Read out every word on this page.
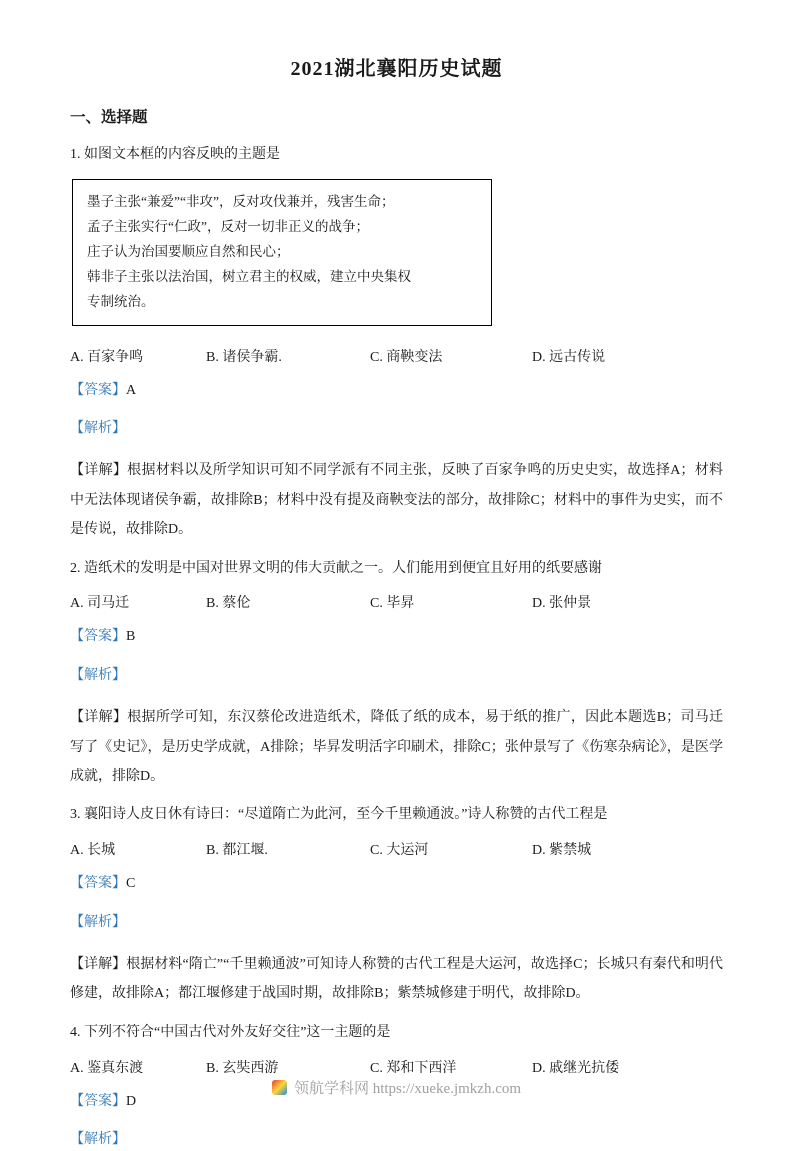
2021湖北襄阳历史试题
一、选择题

1. 如图文本框的内容反映的主题是

墨子主张“兼爱”“非攻”，反对攻伐兼并，残害生命；
孟子主张实行“仁政”，反对一切非正义的战争；
庄子认为治国要顺应自然和民心；
韩非子主张以法治国，树立君主的权威，建立中央集权
专制统治。
A. 百家争鸣	B. 诸侯争霸.	C. 商鞅变法	D. 远古传说

【答案】A

【解析】

【详解】根据材料以及所学知识可知不同学派有不同主张，反映了百家争鸣的历史史实，故选择A；材料中无法体现诸侯争霸，故排除B；材料中没有提及商鞅变法的部分，故排除C；材料中的事件为史实，而不是传说，故排除D。

2. 造纸术的发明是中国对世界文明的伟大贡献之一。人们能用到便宜且好用的纸要感谢

A. 司马迁	B. 蔡伦	C. 毕昇	D. 张仲景

【答案】B

【解析】

【详解】根据所学可知，东汉蔡伦改进造纸术，降低了纸的成本，易于纸的推广，因此本题选B；司马迁写了《史记》，是历史学成就，A排除；毕昇发明活字印刷术，排除C；张仲景写了《伤寒杂病论》，是医学成就，排除D。

3. 襄阳诗人皮日休有诗曰：“尽道隋亡为此河，至今千里赖通波。”诗人称赞的古代工程是

A. 长城	B. 都江堰.	C. 大运河	D. 紫禁城

【答案】C

【解析】

【详解】根据材料“隋亡”“千里赖通波”可知诗人称赞的古代工程是大运河，故选择C；长城只有秦代和明代修建，故排除A；都江堰修建于战国时期，故排除B；紫禁城修建于明代，故排除D。

4. 下列不符合“中国古代对外友好交往”这一主题的是

A. 鉴真东渡	B. 玄奘西游	C. 郑和下西洋	D. 戚继光抗倭

【答案】D

【解析】

领航学科网 https://xueke.jmkzh.com
